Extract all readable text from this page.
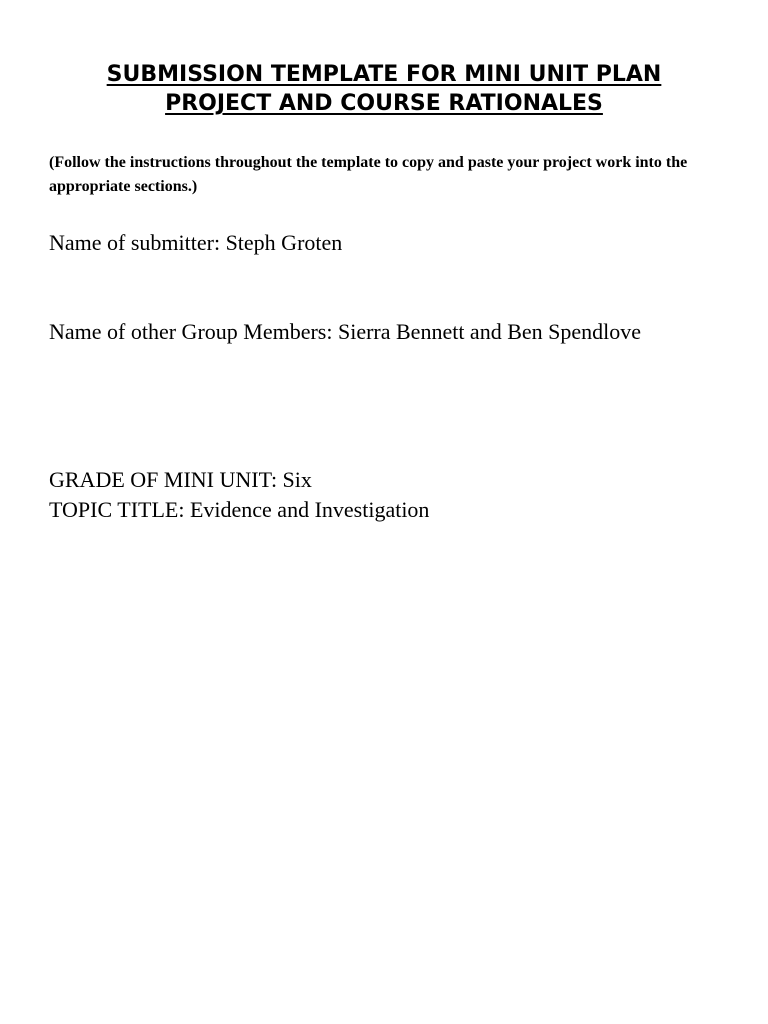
SUBMISSION TEMPLATE FOR MINI UNIT PLAN
PROJECT AND COURSE RATIONALES

(Follow the instructions throughout the template to copy and paste your project work into the appropriate sections.)

Name of submitter: Steph Groten

Name of other Group Members: Sierra Bennett and Ben Spendlove

GRADE OF MINI UNIT: Six

TOPIC TITLE: Evidence and Investigation
